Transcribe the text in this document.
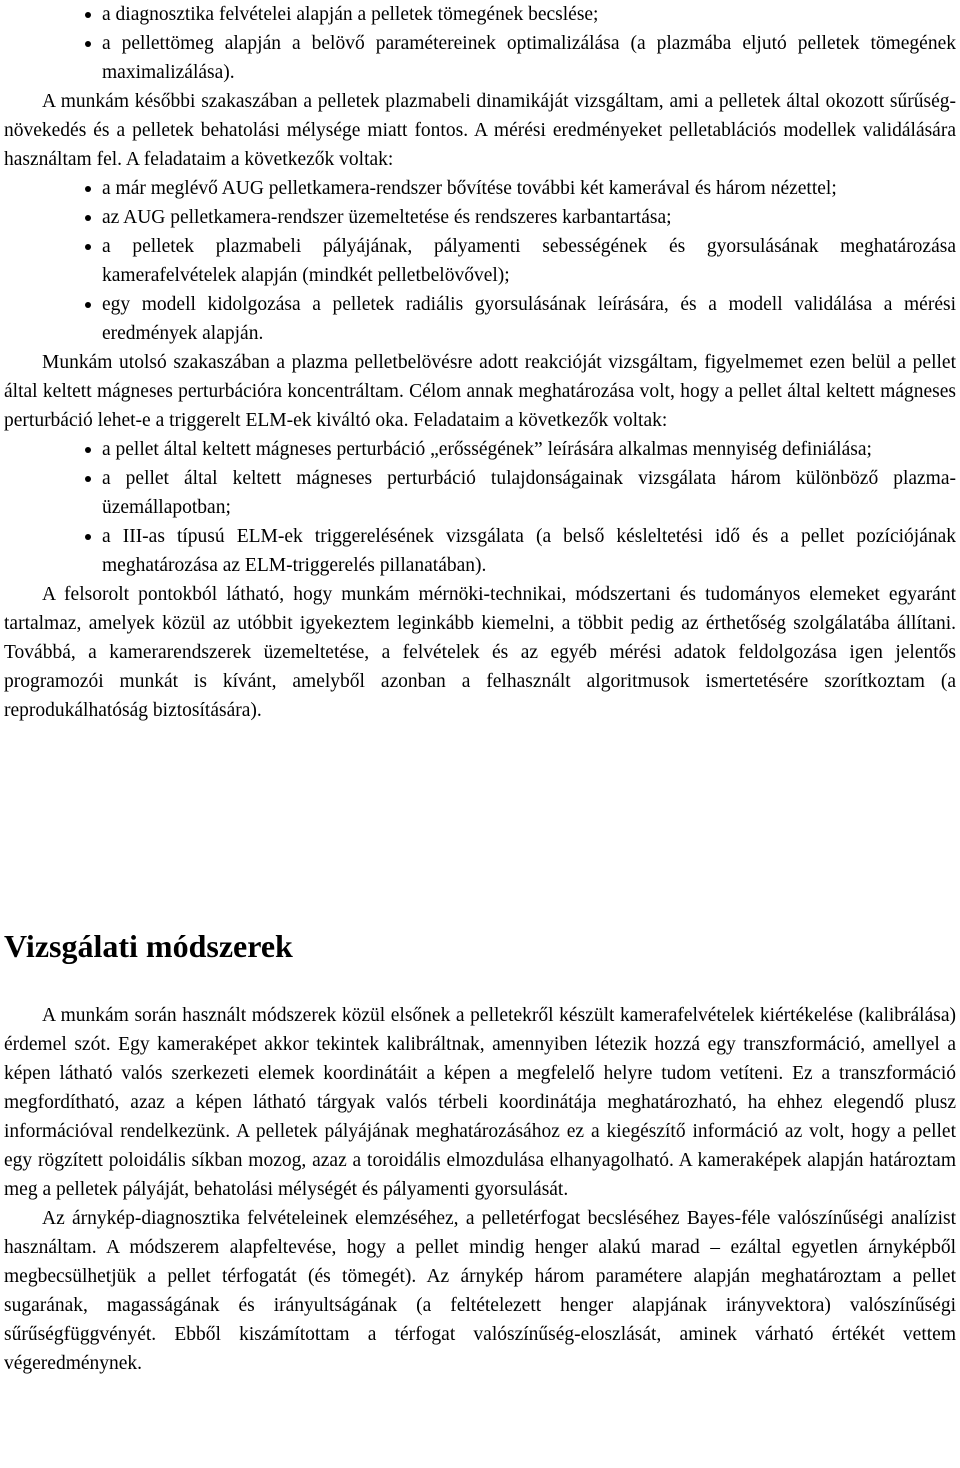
a diagnosztika felvételei alapján a pelletek tömegének becslése;
a pellettömeg alapján a belövő paramétereinek optimalizálása (a plazmába eljutó pelletek tömegének maximalizálása).

A munkám későbbi szakaszában a pelletek plazmabeli dinamikáját vizsgáltam, ami a pelletek által okozott sűrűség-növekedés és a pelletek behatolási mélysége miatt fontos. A mérési eredményeket pelletablációs modellek validálására használtam fel. A feladataim a következők voltak:

a már meglévő AUG pelletkamera-rendszer bővítése további két kamerával és három nézettel;
az AUG pelletkamera-rendszer üzemeltetése és rendszeres karbantartása;
a pelletek plazmabeli pályájának, pályamenti sebességének és gyorsulásának meghatározása kamerafelvételek alapján (mindkét pelletbelövővel);
egy modell kidolgozása a pelletek radiális gyorsulásának leírására, és a modell validálása a mérési eredmények alapján.

Munkám utolsó szakaszában a plazma pelletbelövésre adott reakcióját vizsgáltam, figyelmemet ezen belül a pellet által keltett mágneses perturbációra koncentráltam. Célom annak meghatározása volt, hogy a pellet által keltett mágneses perturbáció lehet-e a triggerelt ELM-ek kiváltó oka. Feladataim a következők voltak:

a pellet által keltett mágneses perturbáció „erősségének” leírására alkalmas mennyiség definiálása;
a pellet által keltett mágneses perturbáció tulajdonságainak vizsgálata három különböző plazma-üzemállapotban;
a III-as típusú ELM-ek triggerelésének vizsgálata (a belső késleltetési idő és a pellet pozíciójának meghatározása az ELM-triggerelés pillanatában).

A felsorolt pontokból látható, hogy munkám mérnöki-technikai, módszertani és tudományos elemeket egyaránt tartalmaz, amelyek közül az utóbbit igyekeztem leginkább kiemelni, a többit pedig az érthetőség szolgálatába állítani. Továbbá, a kamerarendszerek üzemeltetése, a felvételek és az egyéb mérési adatok feldolgozása igen jelentős programozói munkát is kívánt, amelyből azonban a felhasznált algoritmusok ismertetésére szorítkoztam (a reprodukálhatóság biztosítására).

Vizsgálati módszerek

A munkám során használt módszerek közül elsőnek a pelletekről készült kamerafelvételek kiértékelése (kalibrálása) érdemel szót. Egy kameraképet akkor tekintek kalibráltnak, amennyiben létezik hozzá egy transzformáció, amellyel a képen látható valós szerkezeti elemek koordinátáit a képen a megfelelő helyre tudom vetíteni. Ez a transzformáció megfordítható, azaz a képen látható tárgyak valós térbeli koordinátája meghatározható, ha ehhez elegendő plusz információval rendelkezünk. A pelletek pályájának meghatározásához ez a kiegészítő információ az volt, hogy a pellet egy rögzített poloidális síkban mozog, azaz a toroidális elmozdulása elhanyagolható. A kameraképek alapján határoztam meg a pelletek pályáját, behatolási mélységét és pályamenti gyorsulását.

Az árnykép-diagnosztika felvételeinek elemzéséhez, a pelletérfogat becsléséhez Bayes-féle valószínűségi analízist használtam. A módszerem alapfeltevése, hogy a pellet mindig henger alakú marad – ezáltal egyetlen árnyképből megbecsülhetjük a pellet térfogatát (és tömegét). Az árnykép három paramétere alapján meghatároztam a pellet sugarának, magasságának és irányultságának (a feltételezett henger alapjának irányvektora) valószínűségi sűrűségfüggvényét. Ebből kiszámítottam a térfogat valószínűség-eloszlását, aminek várható értékét vettem végeredménynek.
